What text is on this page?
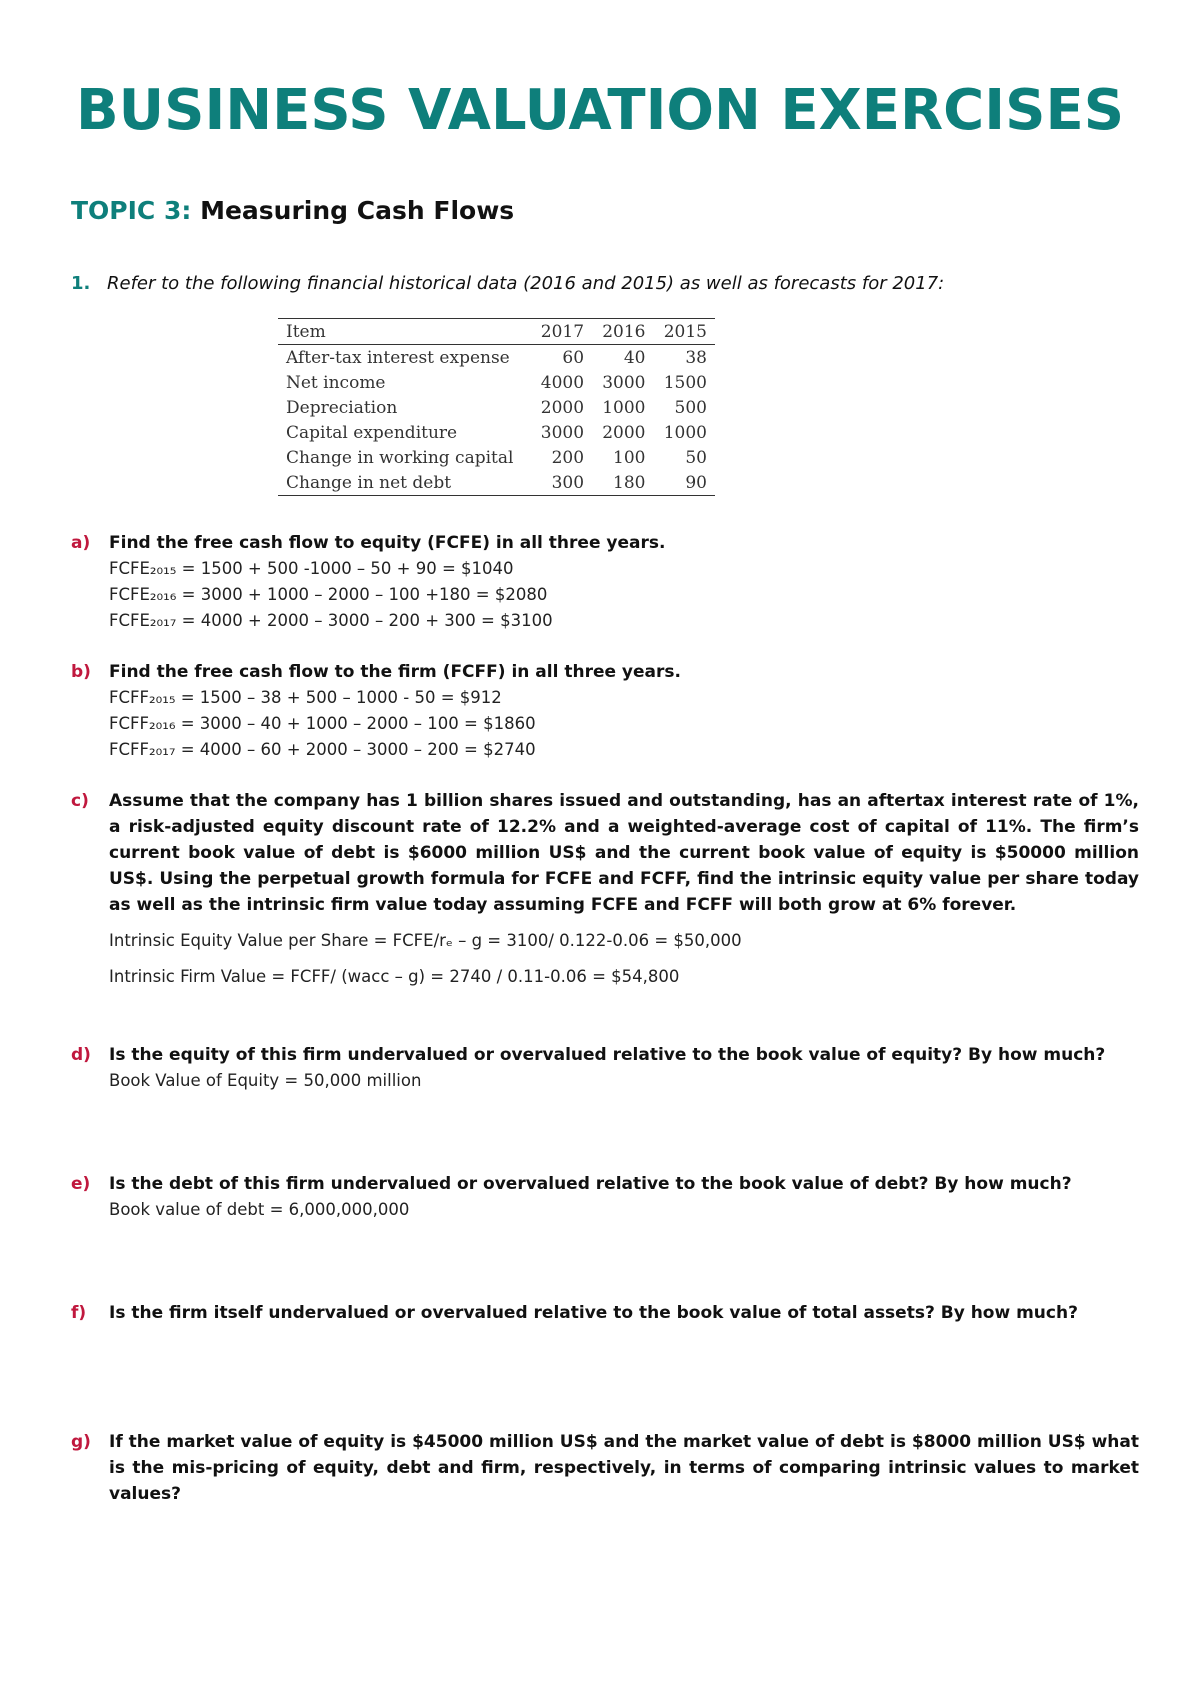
BUSINESS VALUATION EXERCISES
TOPIC 3: Measuring Cash Flows
1. Refer to the following financial historical data (2016 and 2015) as well as forecasts for 2017:
Item	2017	2016	2015
After-tax interest expense	60	40	38
Net income	4000	3000	1500
Depreciation	2000	1000	500
Capital expenditure	3000	2000	1000
Change in working capital	200	100	50
Change in net debt	300	180	90
a)	Find the free cash flow to equity (FCFE) in all three years.
FCFE₂₀₁₅ = 1500 + 500 -1000 – 50 + 90 = $1040
FCFE₂₀₁₆ = 3000 + 1000 – 2000 – 100 +180 = $2080
FCFE₂₀₁₇ = 4000 + 2000 – 3000 – 200 + 300 = $3100
b)	Find the free cash flow to the firm (FCFF) in all three years.
FCFF₂₀₁₅ = 1500 – 38 + 500 – 1000 - 50 = $912
FCFF₂₀₁₆ = 3000 – 40 + 1000 – 2000 – 100 = $1860
FCFF₂₀₁₇ = 4000 – 60 + 2000 – 3000 – 200 = $2740
c)	Assume that the company has 1 billion shares issued and outstanding, has an aftertax interest rate of 1%, a risk-adjusted equity discount rate of 12.2% and a weighted-average cost of capital of 11%. The firm’s current book value of debt is $6000 million US$ and the current book value of equity is $50000 million US$. Using the perpetual growth formula for FCFE and FCFF, find the intrinsic equity value per share today as well as the intrinsic firm value today assuming FCFE and FCFF will both grow at 6% forever.
Intrinsic Equity Value per Share = FCFE/rₑ – g = 3100/ 0.122-0.06 = $50,000
Intrinsic Firm Value = FCFF/ (wacc – g) = 2740 / 0.11-0.06 = $54,800
d)	Is the equity of this firm undervalued or overvalued relative to the book value of equity? By how much?
Book Value of Equity = 50,000 million
e)	Is the debt of this firm undervalued or overvalued relative to the book value of debt? By how much?
Book value of debt = 6,000,000,000
f)	Is the firm itself undervalued or overvalued relative to the book value of total assets? By how much?
g)	If the market value of equity is $45000 million US$ and the market value of debt is $8000 million US$ what is the mis-pricing of equity, debt and firm, respectively, in terms of comparing intrinsic values to market values?
